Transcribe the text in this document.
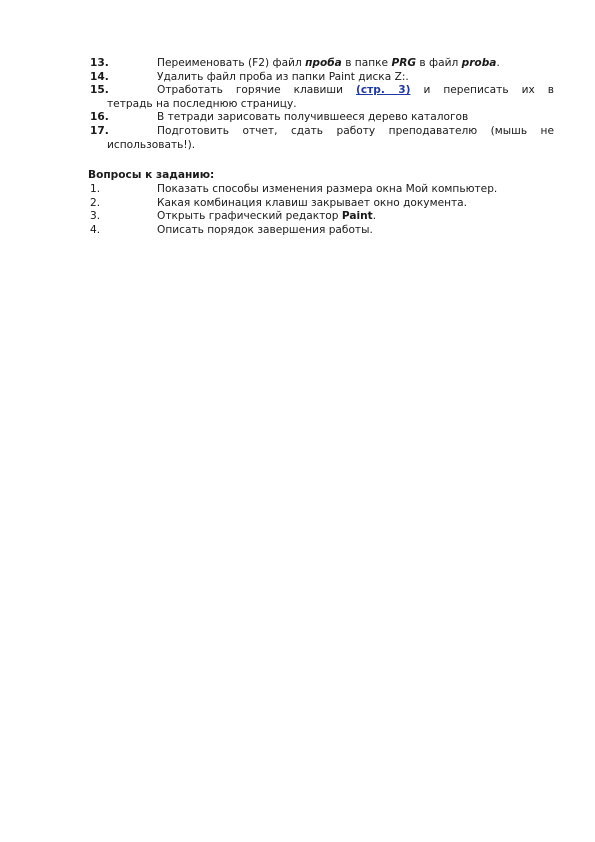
13.	Переименовать (F2) файл проба в папке PRG в файл proba.
14.	Удалить файл проба из папки Paint диска Z:.
15.	Отработать горячие клавиши (стр. 3) и переписать их в
тетрадь на последнюю страницу.
16.	В тетради зарисовать получившееся дерево каталогов
17.	Подготовить отчет, сдать работу преподавателю (мышь не
использовать!).
Вопросы к заданию:
1.	Показать способы изменения размера окна Мой компьютер.
2.	Какая комбинация клавиш закрывает окно документа.
3.	Открыть графический редактор Paint.
4.	Описать порядок завершения работы.
